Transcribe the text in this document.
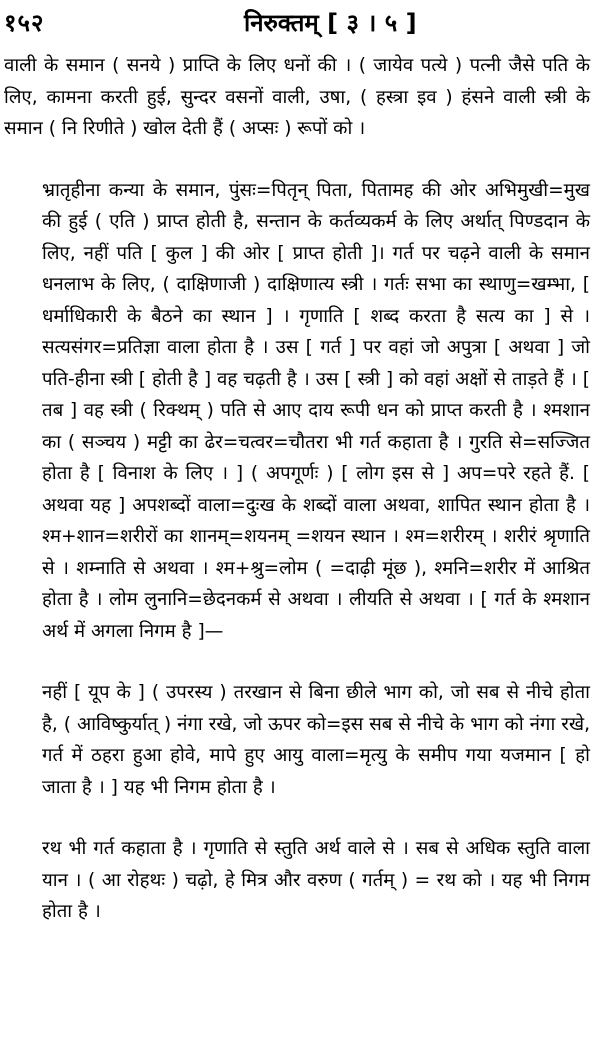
१५२	निरुक्तम् [ ३ । ५ ]

वाली के समान ( सनये ) प्राप्ति के लिए धनों की । ( जायेव पत्ये ) पत्नी जैसे पति के लिए, कामना करती हुई, सुन्दर वसनों वाली, उषा, ( हस्त्रा इव ) हंसने वाली स्त्री के समान ( नि रिणीते ) खोल देती हैं ( अप्सः ) रूपों को ।

भ्रातृहीना कन्या के समान, पुंसः=पितृन् पिता, पितामह की ओर अभिमुखी=मुख की हुई ( एति ) प्राप्त होती है, सन्तान के कर्तव्यकर्म के लिए अर्थात् पिण्डदान के लिए, नहीं पति [ कुल ] की ओर [ प्राप्त होती ]। गर्त पर चढ़ने वाली के समान धनलाभ के लिए, ( दाक्षिणाजी ) दाक्षिणात्य स्त्री । गर्तः सभा का स्थाणु=खम्भा, [ धर्माधिकारी के बैठने का स्थान ] । गृणाति [ शब्द करता है सत्य का ] से । सत्यसंगर=प्रतिज्ञा वाला होता है । उस [ गर्त ] पर वहां जो अपुत्रा [ अथवा ] जो पति-हीना स्त्री [ होती है ] वह चढ़ती है । उस [ स्त्री ] को वहां अक्षों से ताड़ते हैं । [ तब ] वह स्त्री ( रिक्थम् ) पति से आए दाय रूपी धन को प्राप्त करती है । श्मशान का ( सञ्चय ) मट्टी का ढेर=चत्वर=चौतरा भी गर्त कहाता है । गुरति से=सज्जित होता है [ विनाश के लिए । ] ( अपगूर्णः ) [ लोग इस से ] अप=परे रहते हैं. [ अथवा यह ] अपशब्दों वाला=दुःख के शब्दों वाला अथवा, शापित स्थान होता है । श्म+शान=शरीरों का शानम्=शयनम् =शयन स्थान । श्म=शरीरम् । शरीरं श्रृणाति से । शम्नाति से अथवा । श्म+श्रु=लोम ( =दाढ़ी मूंछ ), श्मनि=शरीर में आश्रित होता है । लोम लुनानि=छेदनकर्म से अथवा । लीयति से अथवा । [ गर्त के श्मशान अर्थ में अगला निगम है ]—

नहीं [ यूप के ] ( उपरस्य ) तरखान से बिना छीले भाग को, जो सब से नीचे होता है, ( आविष्कुर्यात् ) नंगा रखे, जो ऊपर को=इस सब से नीचे के भाग को नंगा रखे, गर्त में ठहरा हुआ होवे, मापे हुए आयु वाला=मृत्यु के समीप गया यजमान [ हो जाता है । ] यह भी निगम होता है ।

रथ भी गर्त कहाता है । गृणाति से स्तुति अर्थ वाले से । सब से अधिक स्तुति वाला यान । ( आ रोहथः ) चढ़ो, हे मित्र और वरुण ( गर्तम् ) = रथ को । यह भी निगम होता है ।
